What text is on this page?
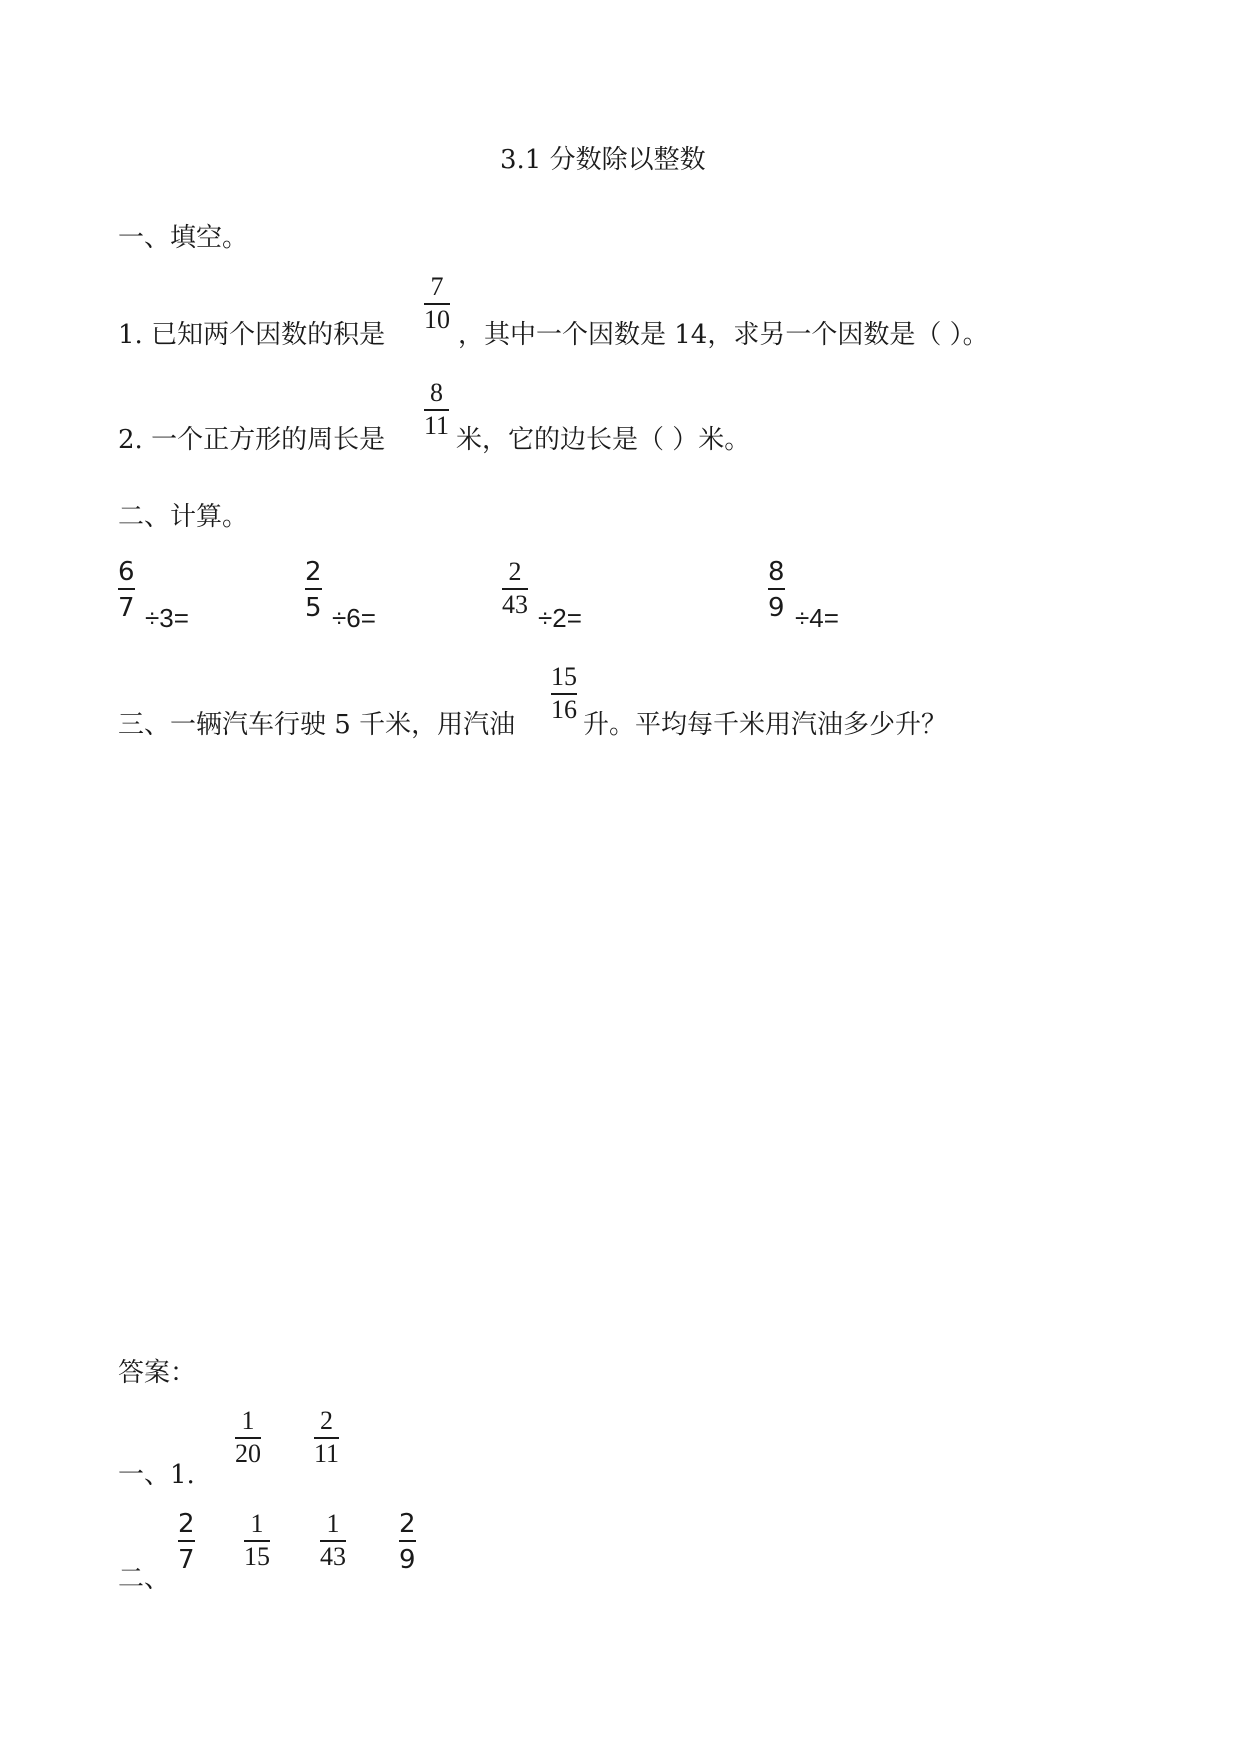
3.1 分数除以整数
一、填空。
1. 已知两个因数的积是
7
10
，其中一个因数是 14，求另一个因数是（ ）。
2. 一个正方形的周长是
8
11 米，它的边长是（ ）米。
二、计算。
6
7 ÷3=
2
5 ÷6=
2
43 ÷2=
8
9 ÷4=
三、一辆汽车行驶 5 千米，用汽油
15
16
升。平均每千米用汽油多少升？
答案：
一、1.
1
20
2
11
二、
2
7
1
15
1
43
2
9
